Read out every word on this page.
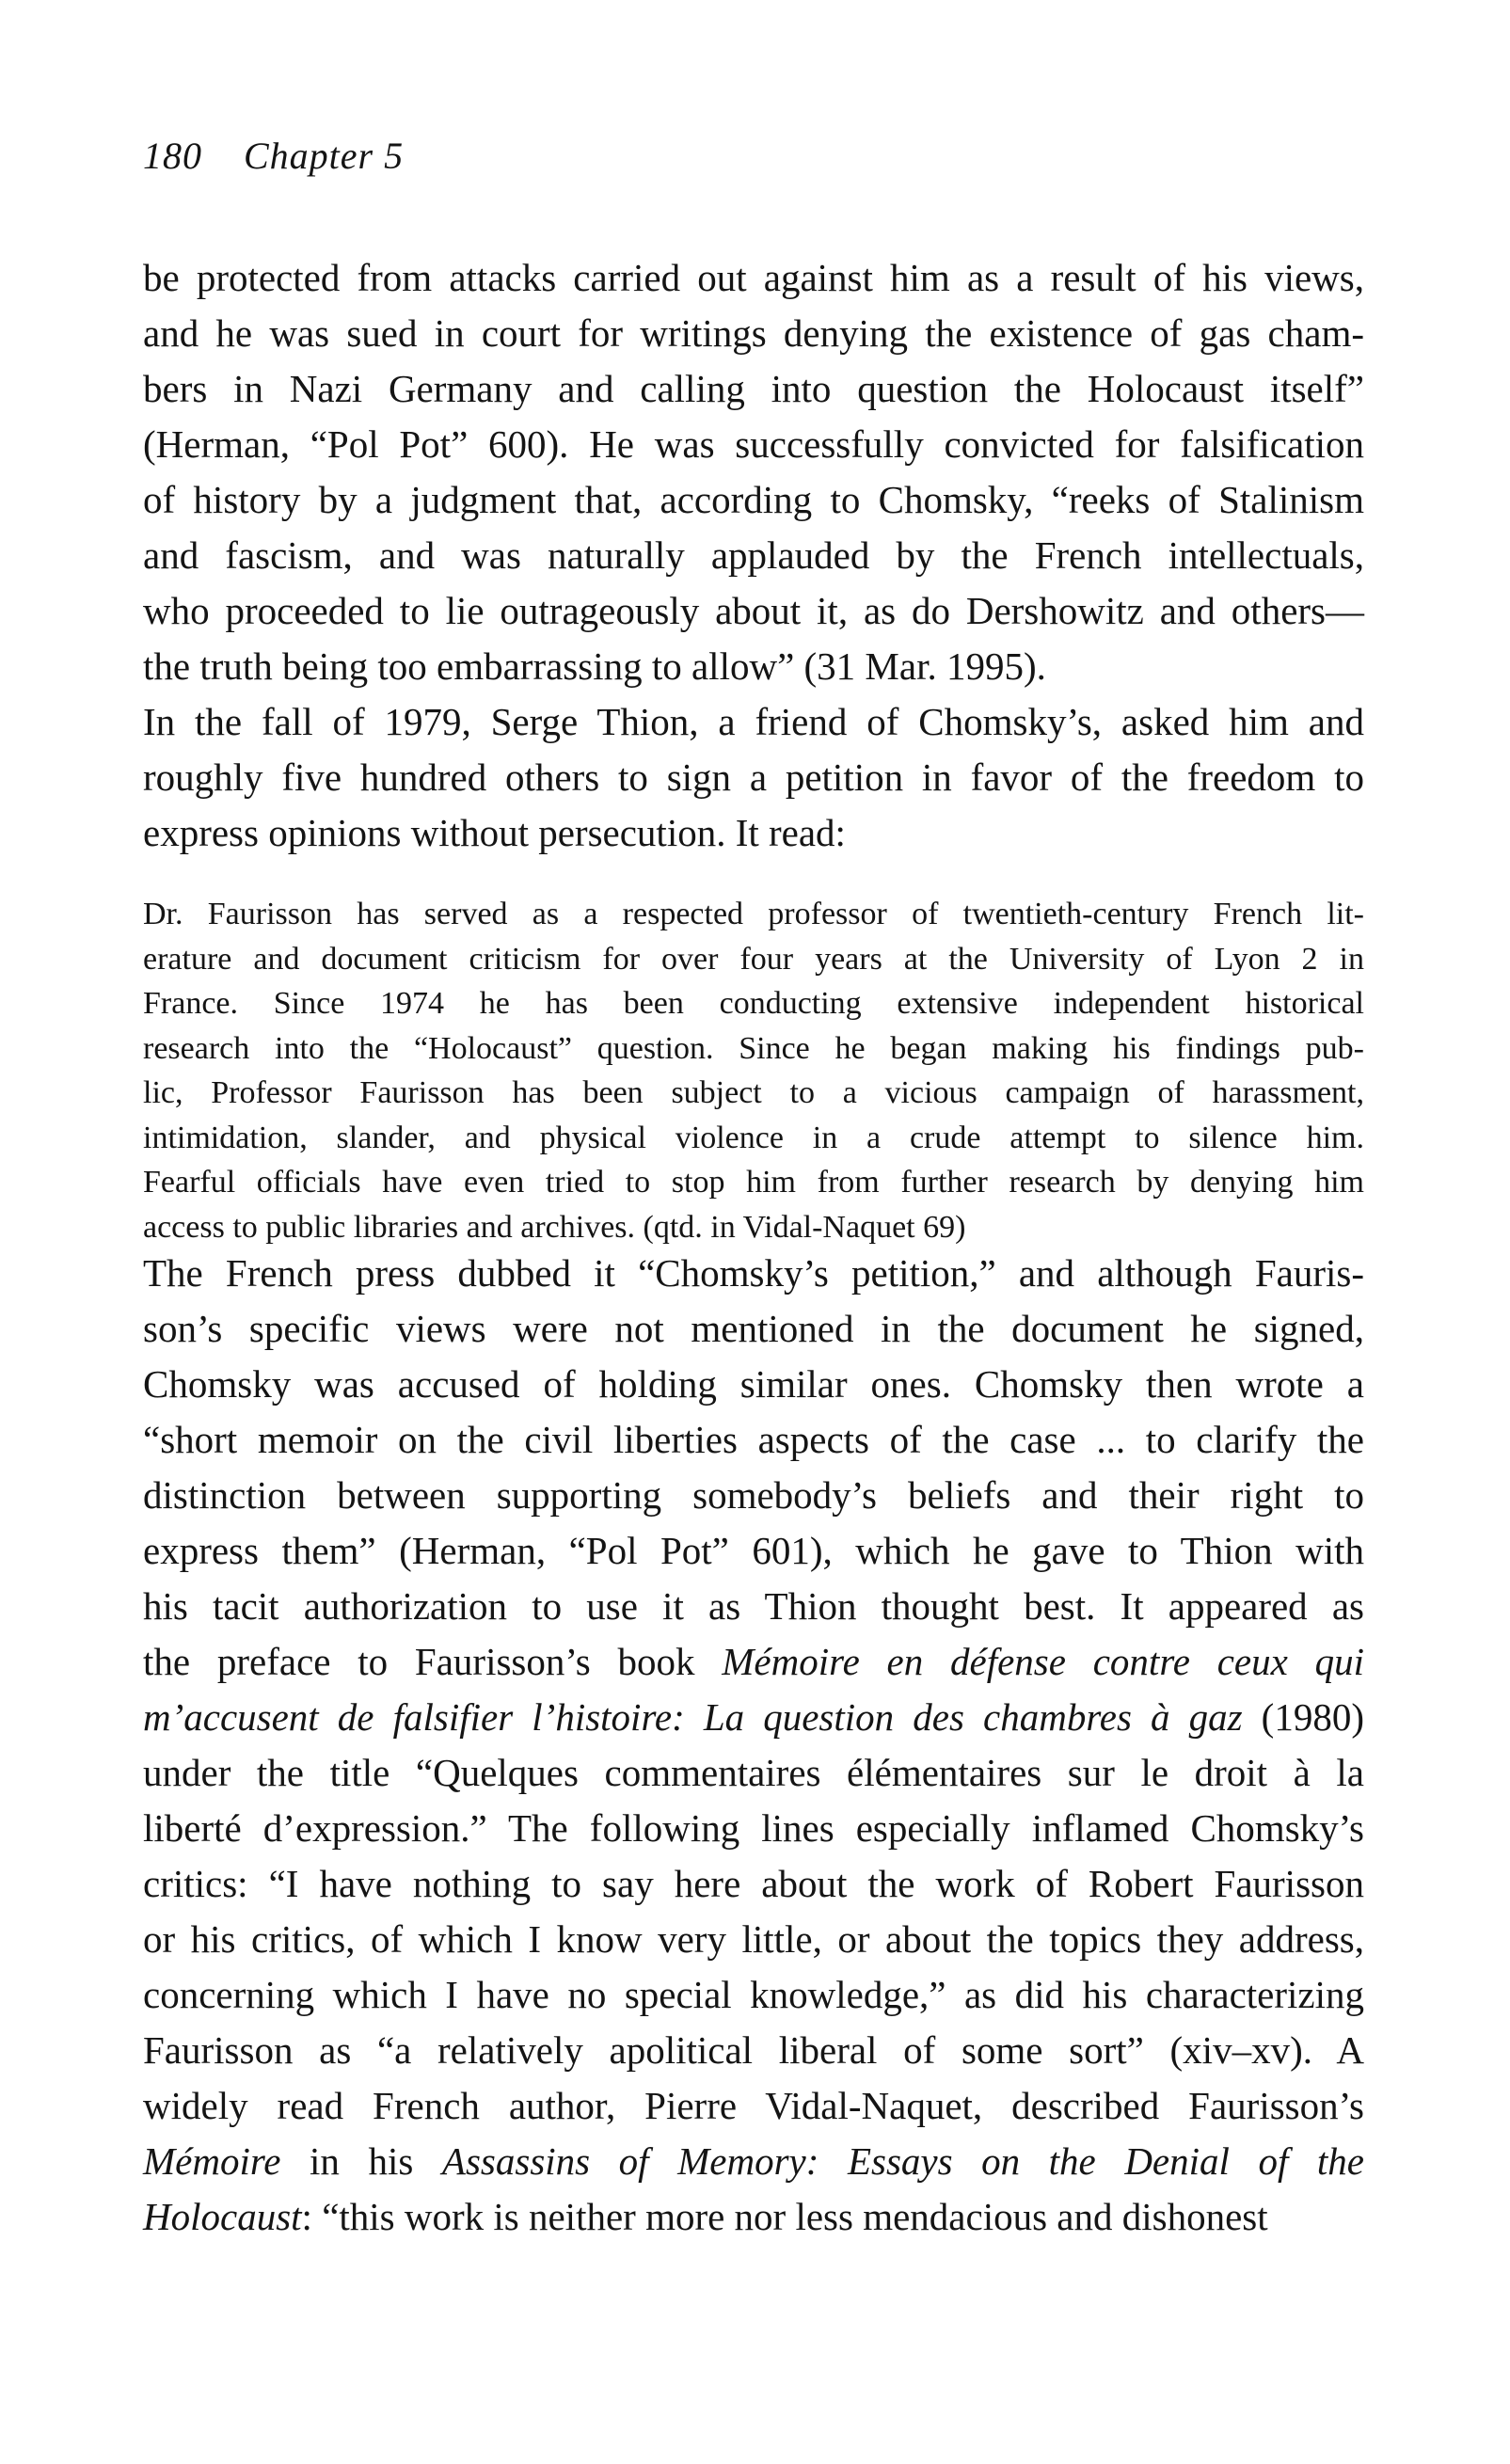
180 Chapter 5
be protected from attacks carried out against him as a result of his views,
and he was sued in court for writings denying the existence of gas cham-
bers in Nazi Germany and calling into question the Holocaust itself”
(Herman, “Pol Pot” 600). He was successfully convicted for falsification
of history by a judgment that, according to Chomsky, “reeks of Stalinism
and fascism, and was naturally applauded by the French intellectuals,
who proceeded to lie outrageously about it, as do Dershowitz and others—
the truth being too embarrassing to allow” (31 Mar. 1995).
In the fall of 1979, Serge Thion, a friend of Chomsky’s, asked him and
roughly five hundred others to sign a petition in favor of the freedom to
express opinions without persecution. It read:
Dr. Faurisson has served as a respected professor of twentieth-century French lit-
erature and document criticism for over four years at the University of Lyon 2 in
France. Since 1974 he has been conducting extensive independent historical
research into the “Holocaust” question. Since he began making his findings pub-
lic, Professor Faurisson has been subject to a vicious campaign of harassment,
intimidation, slander, and physical violence in a crude attempt to silence him.
Fearful officials have even tried to stop him from further research by denying him
access to public libraries and archives. (qtd. in Vidal-Naquet 69)
The French press dubbed it “Chomsky’s petition,” and although Fauris-
son’s specific views were not mentioned in the document he signed,
Chomsky was accused of holding similar ones. Chomsky then wrote a
“short memoir on the civil liberties aspects of the case ... to clarify the
distinction between supporting somebody’s beliefs and their right to
express them” (Herman, “Pol Pot” 601), which he gave to Thion with
his tacit authorization to use it as Thion thought best. It appeared as
the preface to Faurisson’s book Mémoire en défense contre ceux qui
m’accusent de falsifier l’histoire: La question des chambres à gaz (1980)
under the title “Quelques commentaires élémentaires sur le droit à la
liberté d’expression.” The following lines especially inflamed Chomsky’s
critics: “I have nothing to say here about the work of Robert Faurisson
or his critics, of which I know very little, or about the topics they address,
concerning which I have no special knowledge,” as did his characterizing
Faurisson as “a relatively apolitical liberal of some sort” (xiv–xv). A
widely read French author, Pierre Vidal-Naquet, described Faurisson’s
Mémoire in his Assassins of Memory: Essays on the Denial of the
Holocaust: “this work is neither more nor less mendacious and dishonest
